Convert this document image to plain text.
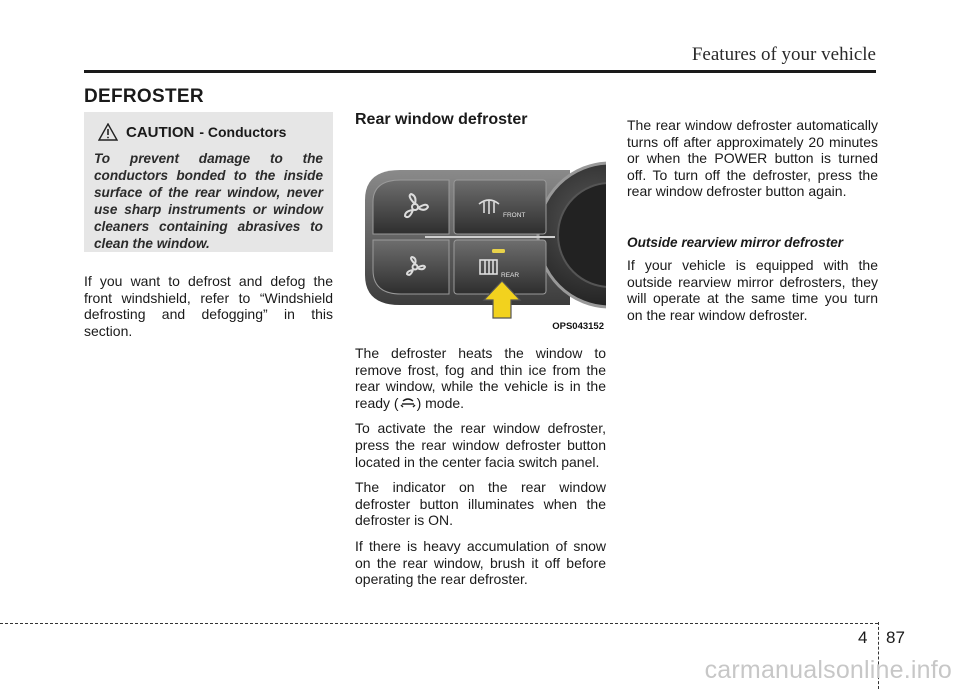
Features of your vehicle
DEFROSTER
CAUTION - Conductors
To prevent damage to the conductors bonded to the inside surface of the rear window, never use sharp instruments or window cleaners containing abrasives to clean the window.

If you want to defrost and defog the front windshield, refer to “Windshield defrosting and defogging” in this section.

Rear window defroster
FRONT
REAR
OPS043152

The defroster heats the window to remove frost, fog and thin ice from the rear window, while the vehicle is in the ready ( ) mode.

To activate the rear window defroster, press the rear window defroster button located in the center facia switch panel.

The indicator on the rear window defroster button illuminates when the defroster is ON.

If there is heavy accumulation of snow on the rear window, brush it off before operating the rear defroster.

The rear window defroster automatically turns off after approximately 20 minutes or when the POWER button is turned off. To turn off the defroster, press the rear window defroster button again.

Outside rearview mirror defroster

If your vehicle is equipped with the outside rearview mirror defrosters, they will operate at the same time you turn on the rear window defroster.

4 87
carmanualsonline.info
